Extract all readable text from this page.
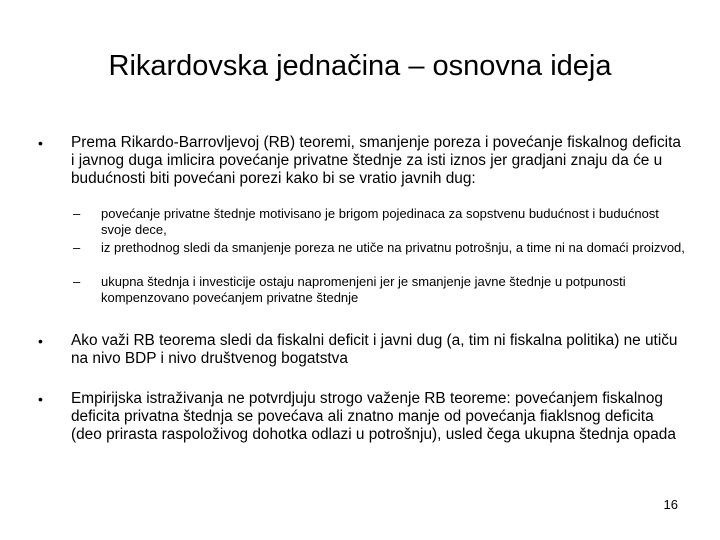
Rikardovska jednačina – osnovna ideja
• Prema Rikardo-Barrovljevoj (RB) teoremi, smanjenje poreza i povećanje fiskalnog deficita i javnog duga imlicira povećanje privatne štednje za isti iznos jer gradjani znaju da će u budućnosti biti povećani porezi kako bi se vratio javnih dug:
– povećanje privatne štednje motivisano je brigom pojedinaca za sopstvenu budućnost i budućnost svoje dece,
– iz prethodnog sledi da smanjenje poreza ne utiče na privatnu potrošnju, a time ni na domaći proizvod,
– ukupna štednja i investicije ostaju napromenjeni jer je smanjenje javne štednje u potpunosti kompenzovano povećanjem privatne štednje
• Ako važi RB teorema sledi da fiskalni deficit i javni dug (a, tim ni fiskalna politika) ne utiču na nivo BDP i nivo društvenog bogatstva
• Empirijska istraživanja ne potvrdjuju strogo važenje RB teoreme: povećanjem fiskalnog deficita privatna štednja se povećava ali znatno manje od povećanja fiaklsnog deficita (deo prirasta raspoloživog dohotka odlazi u potrošnju), usled čega ukupna štednja opada
16
